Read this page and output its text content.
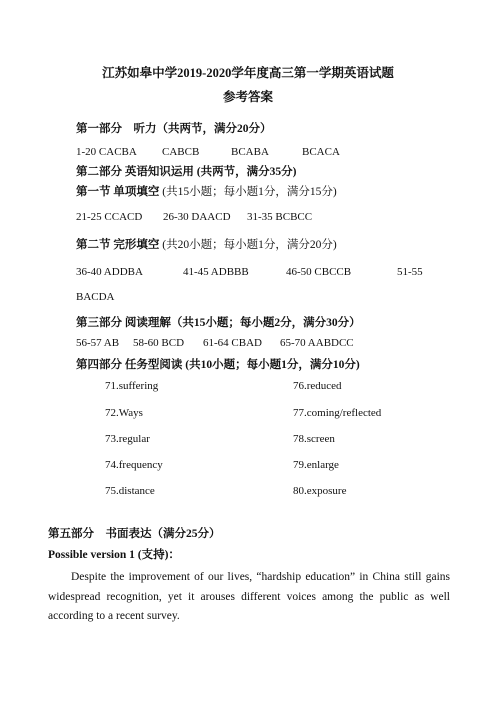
江苏如皋中学2019-2020学年度高三第一学期英语试题
参考答案
第一部分　听力（共两节，满分20分）
1-20 CACBA CABCB	BCABA	BCACA
第二部分 英语知识运用 (共两节，满分35分)
第一节 单项填空 (共15小题；每小题1分，满分15分)
21-25 CCACD 26-30 DAACD 31-35 BCBCC
第二节 完形填空 (共20小题；每小题1分，满分20分)
36-40 ADDBA	41-45 ADBBB	46-50 CBCCB	51-55
BACDA
第三部分 阅读理解（共15小题；每小题2分，满分30分）
56-57 AB 58-60 BCD 61-64 CBAD 65-70 AABDCC
第四部分 任务型阅读 (共10小题；每小题1分，满分10分)
71.suffering
72.Ways
73.regular
74.frequency
75.distance
76.reduced
77.coming/reflected
78.screen
79.enlarge
80.exposure
第五部分　书面表达（满分25分）
Possible version 1 (支持)：
Despite the improvement of our lives, “hardship education” in China still gains widespread recognition, yet it arouses different voices among the public as well according to a recent survey.
